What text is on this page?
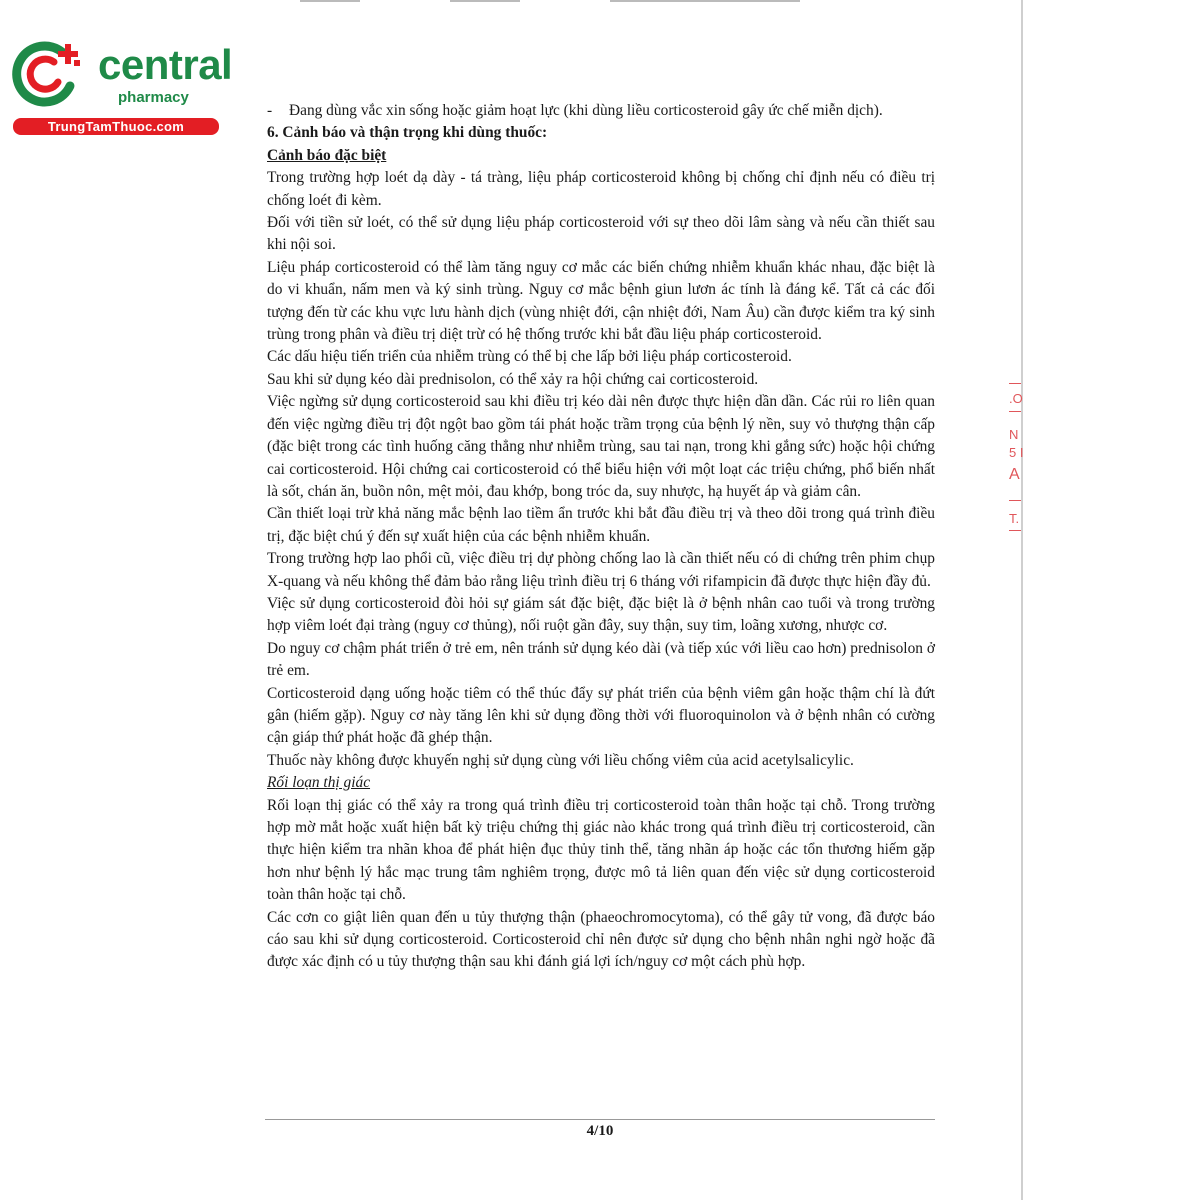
.O
N
5 I
A
T.
central
pharmacy
TrungTamThuoc.com
-	Đang dùng vắc xin sống hoặc giảm hoạt lực (khi dùng liều corticosteroid gây ức chế miễn dịch).

6. Cảnh báo và thận trọng khi dùng thuốc:

Cảnh báo đặc biệt

Trong trường hợp loét dạ dày - tá tràng, liệu pháp corticosteroid không bị chống chỉ định nếu có điều trị chống loét đi kèm.

Đối với tiền sử loét, có thể sử dụng liệu pháp corticosteroid với sự theo dõi lâm sàng và nếu cần thiết sau khi nội soi.

Liệu pháp corticosteroid có thể làm tăng nguy cơ mắc các biến chứng nhiễm khuẩn khác nhau, đặc biệt là do vi khuẩn, nấm men và ký sinh trùng. Nguy cơ mắc bệnh giun lươn ác tính là đáng kể. Tất cả các đối tượng đến từ các khu vực lưu hành dịch (vùng nhiệt đới, cận nhiệt đới, Nam Âu) cần được kiểm tra ký sinh trùng trong phân và điều trị diệt trừ có hệ thống trước khi bắt đầu liệu pháp corticosteroid.

Các dấu hiệu tiến triển của nhiễm trùng có thể bị che lấp bởi liệu pháp corticosteroid.

Sau khi sử dụng kéo dài prednisolon, có thể xảy ra hội chứng cai corticosteroid.

Việc ngừng sử dụng corticosteroid sau khi điều trị kéo dài nên được thực hiện dần dần. Các rủi ro liên quan đến việc ngừng điều trị đột ngột bao gồm tái phát hoặc trầm trọng của bệnh lý nền, suy vỏ thượng thận cấp (đặc biệt trong các tình huống căng thẳng như nhiễm trùng, sau tai nạn, trong khi gắng sức) hoặc hội chứng cai corticosteroid. Hội chứng cai corticosteroid có thể biểu hiện với một loạt các triệu chứng, phổ biến nhất là sốt, chán ăn, buồn nôn, mệt mỏi, đau khớp, bong tróc da, suy nhược, hạ huyết áp và giảm cân.

Cần thiết loại trừ khả năng mắc bệnh lao tiềm ẩn trước khi bắt đầu điều trị và theo dõi trong quá trình điều trị, đặc biệt chú ý đến sự xuất hiện của các bệnh nhiễm khuẩn.

Trong trường hợp lao phổi cũ, việc điều trị dự phòng chống lao là cần thiết nếu có di chứng trên phim chụp X-quang và nếu không thể đảm bảo rằng liệu trình điều trị 6 tháng với rifampicin đã được thực hiện đầy đủ.

Việc sử dụng corticosteroid đòi hỏi sự giám sát đặc biệt, đặc biệt là ở bệnh nhân cao tuổi và trong trường hợp viêm loét đại tràng (nguy cơ thủng), nối ruột gần đây, suy thận, suy tim, loãng xương, nhược cơ.

Do nguy cơ chậm phát triển ở trẻ em, nên tránh sử dụng kéo dài (và tiếp xúc với liều cao hơn) prednisolon ở trẻ em.

Corticosteroid dạng uống hoặc tiêm có thể thúc đẩy sự phát triển của bệnh viêm gân hoặc thậm chí là đứt gân (hiếm gặp). Nguy cơ này tăng lên khi sử dụng đồng thời với fluoroquinolon và ở bệnh nhân có cường cận giáp thứ phát hoặc đã ghép thận.

Thuốc này không được khuyến nghị sử dụng cùng với liều chống viêm của acid acetylsalicylic.

Rối loạn thị giác

Rối loạn thị giác có thể xảy ra trong quá trình điều trị corticosteroid toàn thân hoặc tại chỗ. Trong trường hợp mờ mắt hoặc xuất hiện bất kỳ triệu chứng thị giác nào khác trong quá trình điều trị corticosteroid, cần thực hiện kiểm tra nhãn khoa để phát hiện đục thủy tinh thể, tăng nhãn áp hoặc các tổn thương hiếm gặp hơn như bệnh lý hắc mạc trung tâm nghiêm trọng, được mô tả liên quan đến việc sử dụng corticosteroid toàn thân hoặc tại chỗ.

Các cơn co giật liên quan đến u tủy thượng thận (phaeochromocytoma), có thể gây tử vong, đã được báo cáo sau khi sử dụng corticosteroid. Corticosteroid chỉ nên được sử dụng cho bệnh nhân nghi ngờ hoặc đã được xác định có u tủy thượng thận sau khi đánh giá lợi ích/nguy cơ một cách phù hợp.

4/10
